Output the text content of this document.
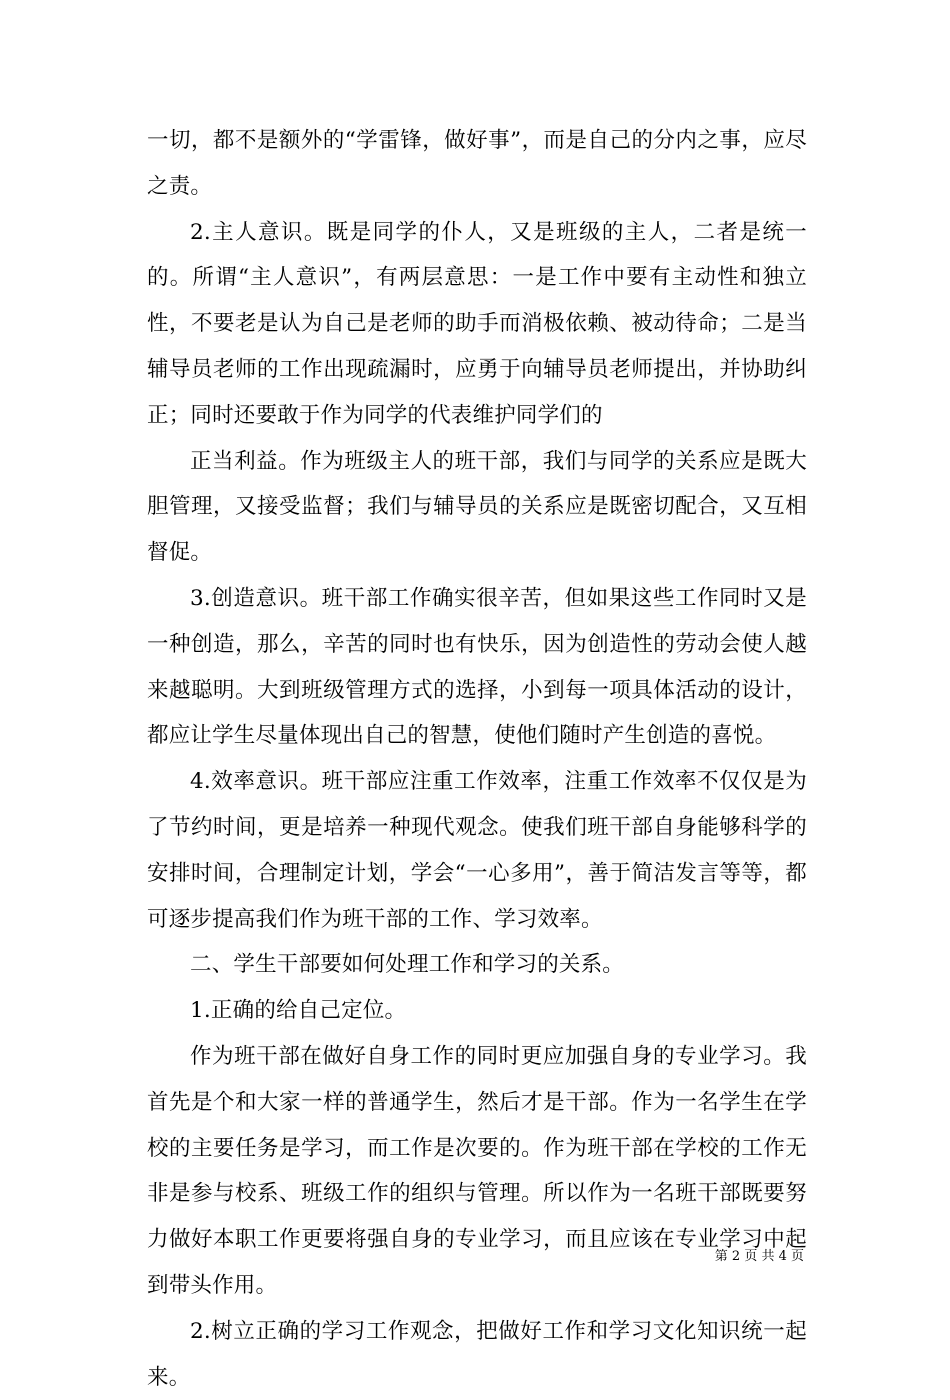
一切，都不是额外的“学雷锋，做好事”，而是自己的分内之事，应尽之责。

2.主人意识。既是同学的仆人，又是班级的主人，二者是统一的。所谓“主人意识”，有两层意思：一是工作中要有主动性和独立性，不要老是认为自己是老师的助手而消极依赖、被动待命；二是当辅导员老师的工作出现疏漏时，应勇于向辅导员老师提出，并协助纠正；同时还要敢于作为同学的代表维护同学们的

正当利益。作为班级主人的班干部，我们与同学的关系应是既大胆管理，又接受监督；我们与辅导员的关系应是既密切配合，又互相督促。

3.创造意识。班干部工作确实很辛苦，但如果这些工作同时又是一种创造，那么，辛苦的同时也有快乐，因为创造性的劳动会使人越来越聪明。大到班级管理方式的选择，小到每一项具体活动的设计，都应让学生尽量体现出自己的智慧，使他们随时产生创造的喜悦。

4.效率意识。班干部应注重工作效率，注重工作效率不仅仅是为了节约时间，更是培养一种现代观念。使我们班干部自身能够科学的安排时间，合理制定计划，学会“一心多用”，善于简洁发言等等，都可逐步提高我们作为班干部的工作、学习效率。

二、学生干部要如何处理工作和学习的关系。

1.正确的给自己定位。

作为班干部在做好自身工作的同时更应加强自身的专业学习。我首先是个和大家一样的普通学生，然后才是干部。作为一名学生在学校的主要任务是学习，而工作是次要的。作为班干部在学校的工作无非是参与校系、班级工作的组织与管理。所以作为一名班干部既要努力做好本职工作更要将强自身的专业学习，而且应该在专业学习中起到带头作用。

2.树立正确的学习工作观念，把做好工作和学习文化知识统一起来。

第 2 页 共 4 页
